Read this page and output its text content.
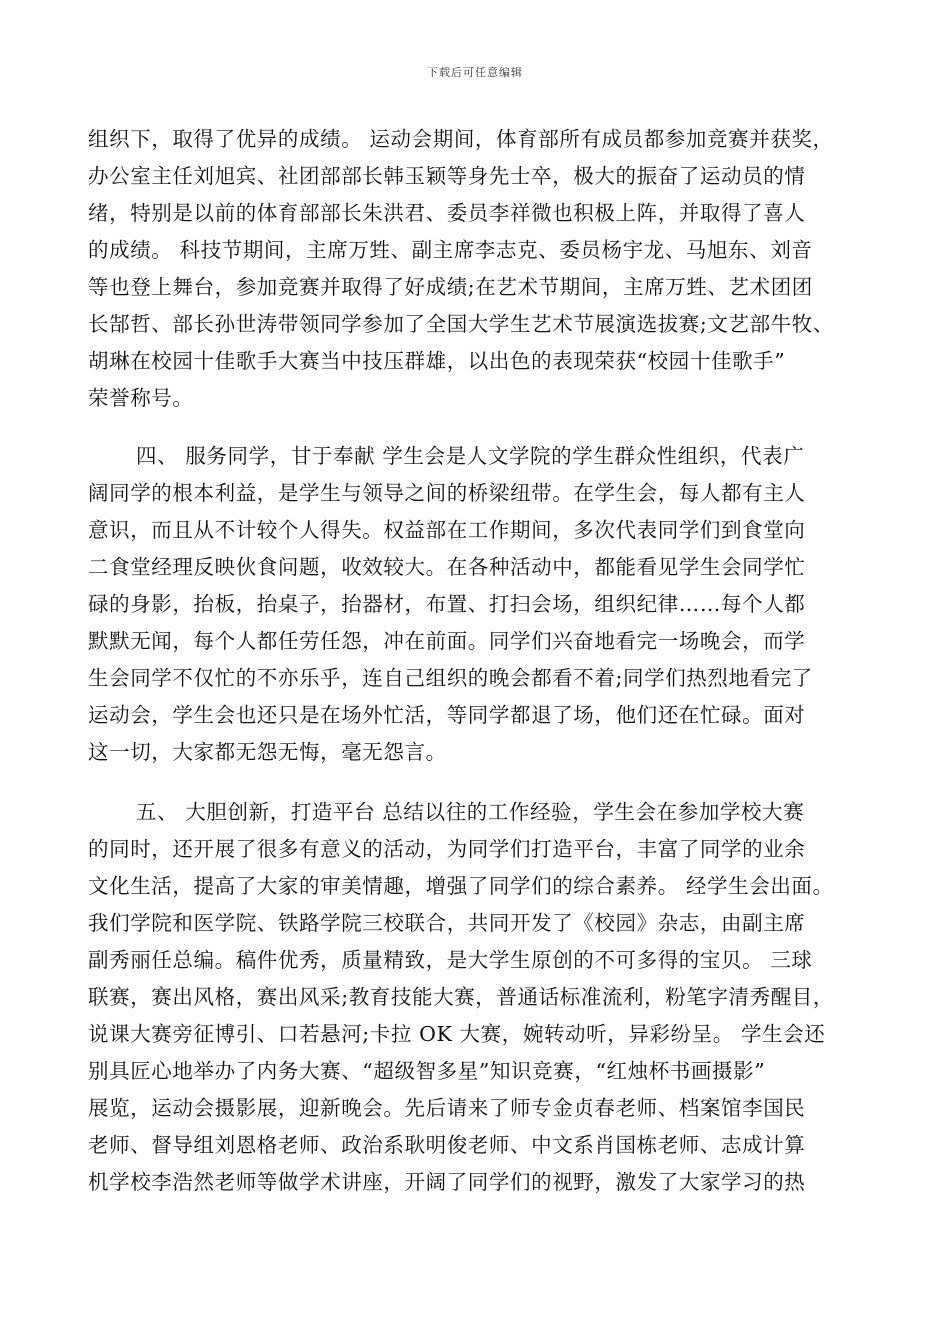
下载后可任意编辑
组织下，取得了优异的成绩。 运动会期间，体育部所有成员都参加竞赛并获奖，
办公室主任刘旭宾、社团部部长韩玉颖等身先士卒，极大的振奋了运动员的情
绪，特别是以前的体育部部长朱洪君、委员李祥微也积极上阵，并取得了喜人
的成绩。 科技节期间，主席万甡、副主席李志克、委员杨宇龙、马旭东、刘音
等也登上舞台，参加竞赛并取得了好成绩;在艺术节期间，主席万甡、艺术团团
长郜哲、部长孙世涛带领同学参加了全国大学生艺术节展演选拔赛;文艺部牛牧、
胡琳在校园十佳歌手大赛当中技压群雄，以出色的表现荣获“校园十佳歌手”
荣誉称号。
四、 服务同学，甘于奉献 学生会是人文学院的学生群众性组织，代表广
阔同学的根本利益，是学生与领导之间的桥梁纽带。在学生会，每人都有主人
意识，而且从不计较个人得失。权益部在工作期间，多次代表同学们到食堂向
二食堂经理反映伙食问题，收效较大。在各种活动中，都能看见学生会同学忙
碌的身影，抬板，抬桌子，抬器材，布置、打扫会场，组织纪律……每个人都
默默无闻，每个人都任劳任怨，冲在前面。同学们兴奋地看完一场晚会，而学
生会同学不仅忙的不亦乐乎，连自己组织的晚会都看不着;同学们热烈地看完了
运动会，学生会也还只是在场外忙活，等同学都退了场，他们还在忙碌。面对
这一切，大家都无怨无悔，毫无怨言。
五、 大胆创新，打造平台 总结以往的工作经验，学生会在参加学校大赛
的同时，还开展了很多有意义的活动，为同学们打造平台，丰富了同学的业余
文化生活，提高了大家的审美情趣，增强了同学们的综合素养。 经学生会出面。
我们学院和医学院、铁路学院三校联合，共同开发了《校园》杂志，由副主席
副秀丽任总编。稿件优秀，质量精致，是大学生原创的不可多得的宝贝。 三球
联赛，赛出风格，赛出风采;教育技能大赛，普通话标准流利，粉笔字清秀醒目，
说课大赛旁征博引、口若悬河;卡拉 OK 大赛，婉转动听，异彩纷呈。 学生会还
别具匠心地举办了内务大赛、“超级智多星”知识竞赛，“红烛杯书画摄影”
展览，运动会摄影展，迎新晚会。先后请来了师专金贞春老师、档案馆李国民
老师、督导组刘恩格老师、政治系耿明俊老师、中文系肖国栋老师、志成计算
机学校李浩然老师等做学术讲座，开阔了同学们的视野，激发了大家学习的热
